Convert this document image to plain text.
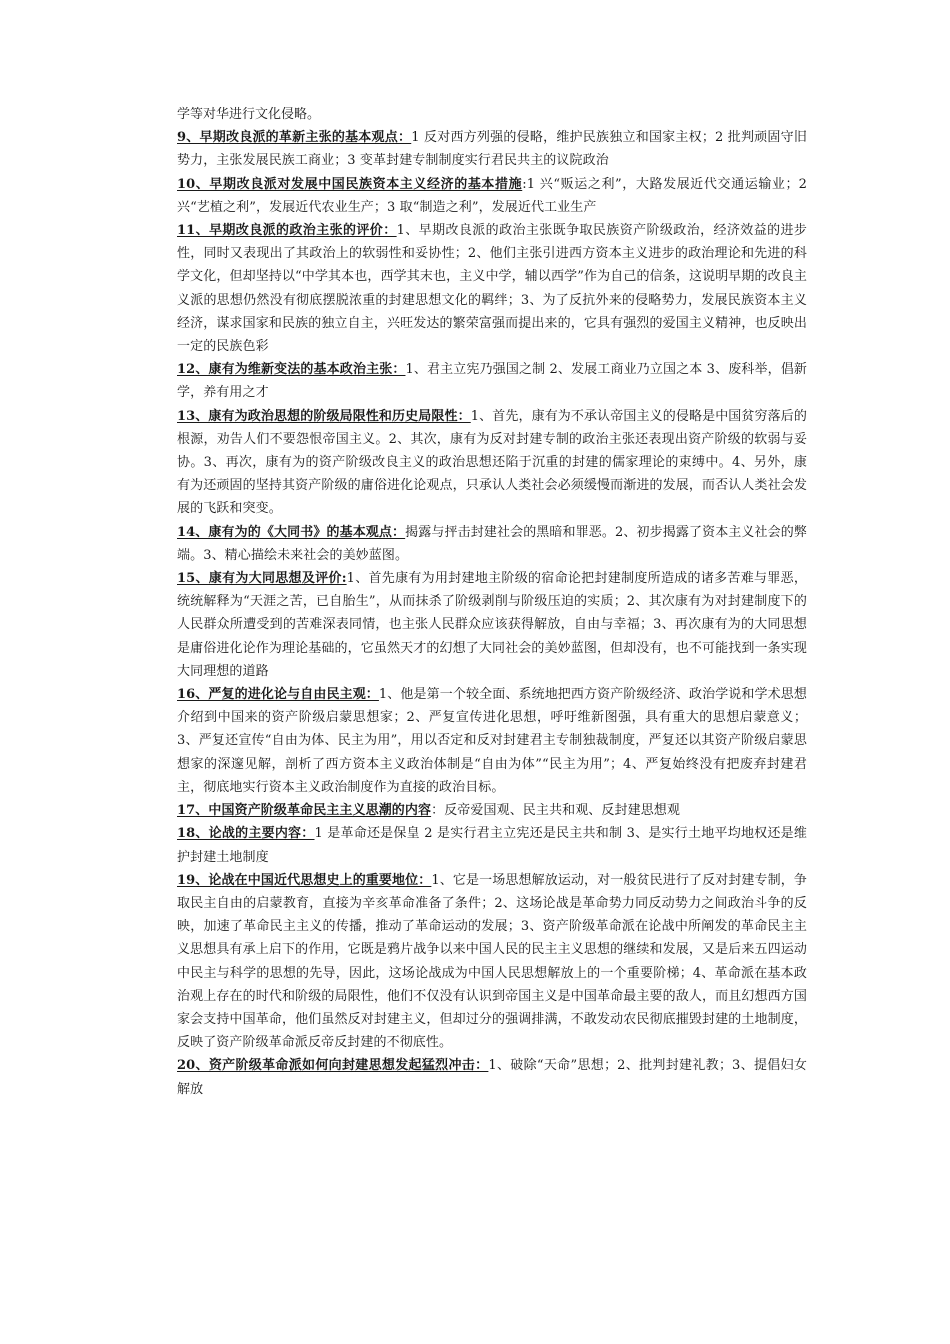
学等对华进行文化侵略。

9、早期改良派的革新主张的基本观点：1 反对西方列强的侵略，维护民族独立和国家主权；2 批判顽固守旧势力，主张发展民族工商业；3 变革封建专制制度实行君民共主的议院政治

10、早期改良派对发展中国民族资本主义经济的基本措施:1 兴“贩运之利”，大路发展近代交通运输业；2 兴“艺植之利”，发展近代农业生产；3 取“制造之利”，发展近代工业生产

11、早期改良派的政治主张的评价：1、早期改良派的政治主张既争取民族资产阶级政治，经济效益的进步性，同时又表现出了其政治上的软弱性和妥协性；2、他们主张引进西方资本主义进步的政治理论和先进的科学文化，但却坚持以“中学其本也，西学其末也，主义中学，辅以西学”作为自己的信条，这说明早期的改良主义派的思想仍然没有彻底摆脱浓重的封建思想文化的羁绊；3、为了反抗外来的侵略势力，发展民族资本主义经济，谋求国家和民族的独立自主，兴旺发达的繁荣富强而提出来的，它具有强烈的爱国主义精神，也反映出一定的民族色彩

12、康有为维新变法的基本政治主张：1、君主立宪乃强国之制 2、发展工商业乃立国之本 3、废科举，倡新学，养有用之才

13、康有为政治思想的阶级局限性和历史局限性：1、首先，康有为不承认帝国主义的侵略是中国贫穷落后的根源，劝告人们不要怨恨帝国主义。2、其次，康有为反对封建专制的政治主张还表现出资产阶级的软弱与妥协。3、再次，康有为的资产阶级改良主义的政治思想还陷于沉重的封建的儒家理论的束缚中。4、另外，康有为还顽固的坚持其资产阶级的庸俗进化论观点，只承认人类社会必须缓慢而渐进的发展，而否认人类社会发展的飞跃和突变。

14、康有为的《大同书》的基本观点：揭露与抨击封建社会的黑暗和罪恶。2、初步揭露了资本主义社会的弊端。3、精心描绘未来社会的美妙蓝图。

15、康有为大同思想及评价:1、首先康有为用封建地主阶级的宿命论把封建制度所造成的诸多苦难与罪恶，统统解释为“天涯之苦，已自胎生”，从而抹杀了阶级剥削与阶级压迫的实质；2、其次康有为对封建制度下的人民群众所遭受到的苦难深表同情，也主张人民群众应该获得解放，自由与幸福；3、再次康有为的大同思想是庸俗进化论作为理论基础的，它虽然天才的幻想了大同社会的美妙蓝图，但却没有，也不可能找到一条实现大同理想的道路

16、严复的进化论与自由民主观：1、他是第一个较全面、系统地把西方资产阶级经济、政治学说和学术思想介绍到中国来的资产阶级启蒙思想家；2、严复宣传进化思想，呼吁维新图强，具有重大的思想启蒙意义；3、严复还宣传“自由为体、民主为用”，用以否定和反对封建君主专制独裁制度，严复还以其资产阶级启蒙思想家的深邃见解，剖析了西方资本主义政治体制是“自由为体”“民主为用”；4、严复始终没有把废弃封建君主，彻底地实行资本主义政治制度作为直接的政治目标。

17、中国资产阶级革命民主主义思潮的内容：反帝爱国观、民主共和观、反封建思想观

18、论战的主要内容：1 是革命还是保皇 2 是实行君主立宪还是民主共和制 3、是实行土地平均地权还是维护封建土地制度

19、论战在中国近代思想史上的重要地位：1、它是一场思想解放运动，对一般贫民进行了反对封建专制，争取民主自由的启蒙教育，直接为辛亥革命准备了条件；2、这场论战是革命势力同反动势力之间政治斗争的反映，加速了革命民主主义的传播，推动了革命运动的发展；3、资产阶级革命派在论战中所阐发的革命民主主义思想具有承上启下的作用，它既是鸦片战争以来中国人民的民主主义思想的继续和发展，又是后来五四运动中民主与科学的思想的先导，因此，这场论战成为中国人民思想解放上的一个重要阶梯；4、革命派在基本政治观上存在的时代和阶级的局限性，他们不仅没有认识到帝国主义是中国革命最主要的敌人，而且幻想西方国家会支持中国革命，他们虽然反对封建主义，但却过分的强调排满，不敢发动农民彻底摧毁封建的土地制度，反映了资产阶级革命派反帝反封建的不彻底性。

20、资产阶级革命派如何向封建思想发起猛烈冲击：1、破除“天命”思想；2、批判封建礼教；3、提倡妇女解放
